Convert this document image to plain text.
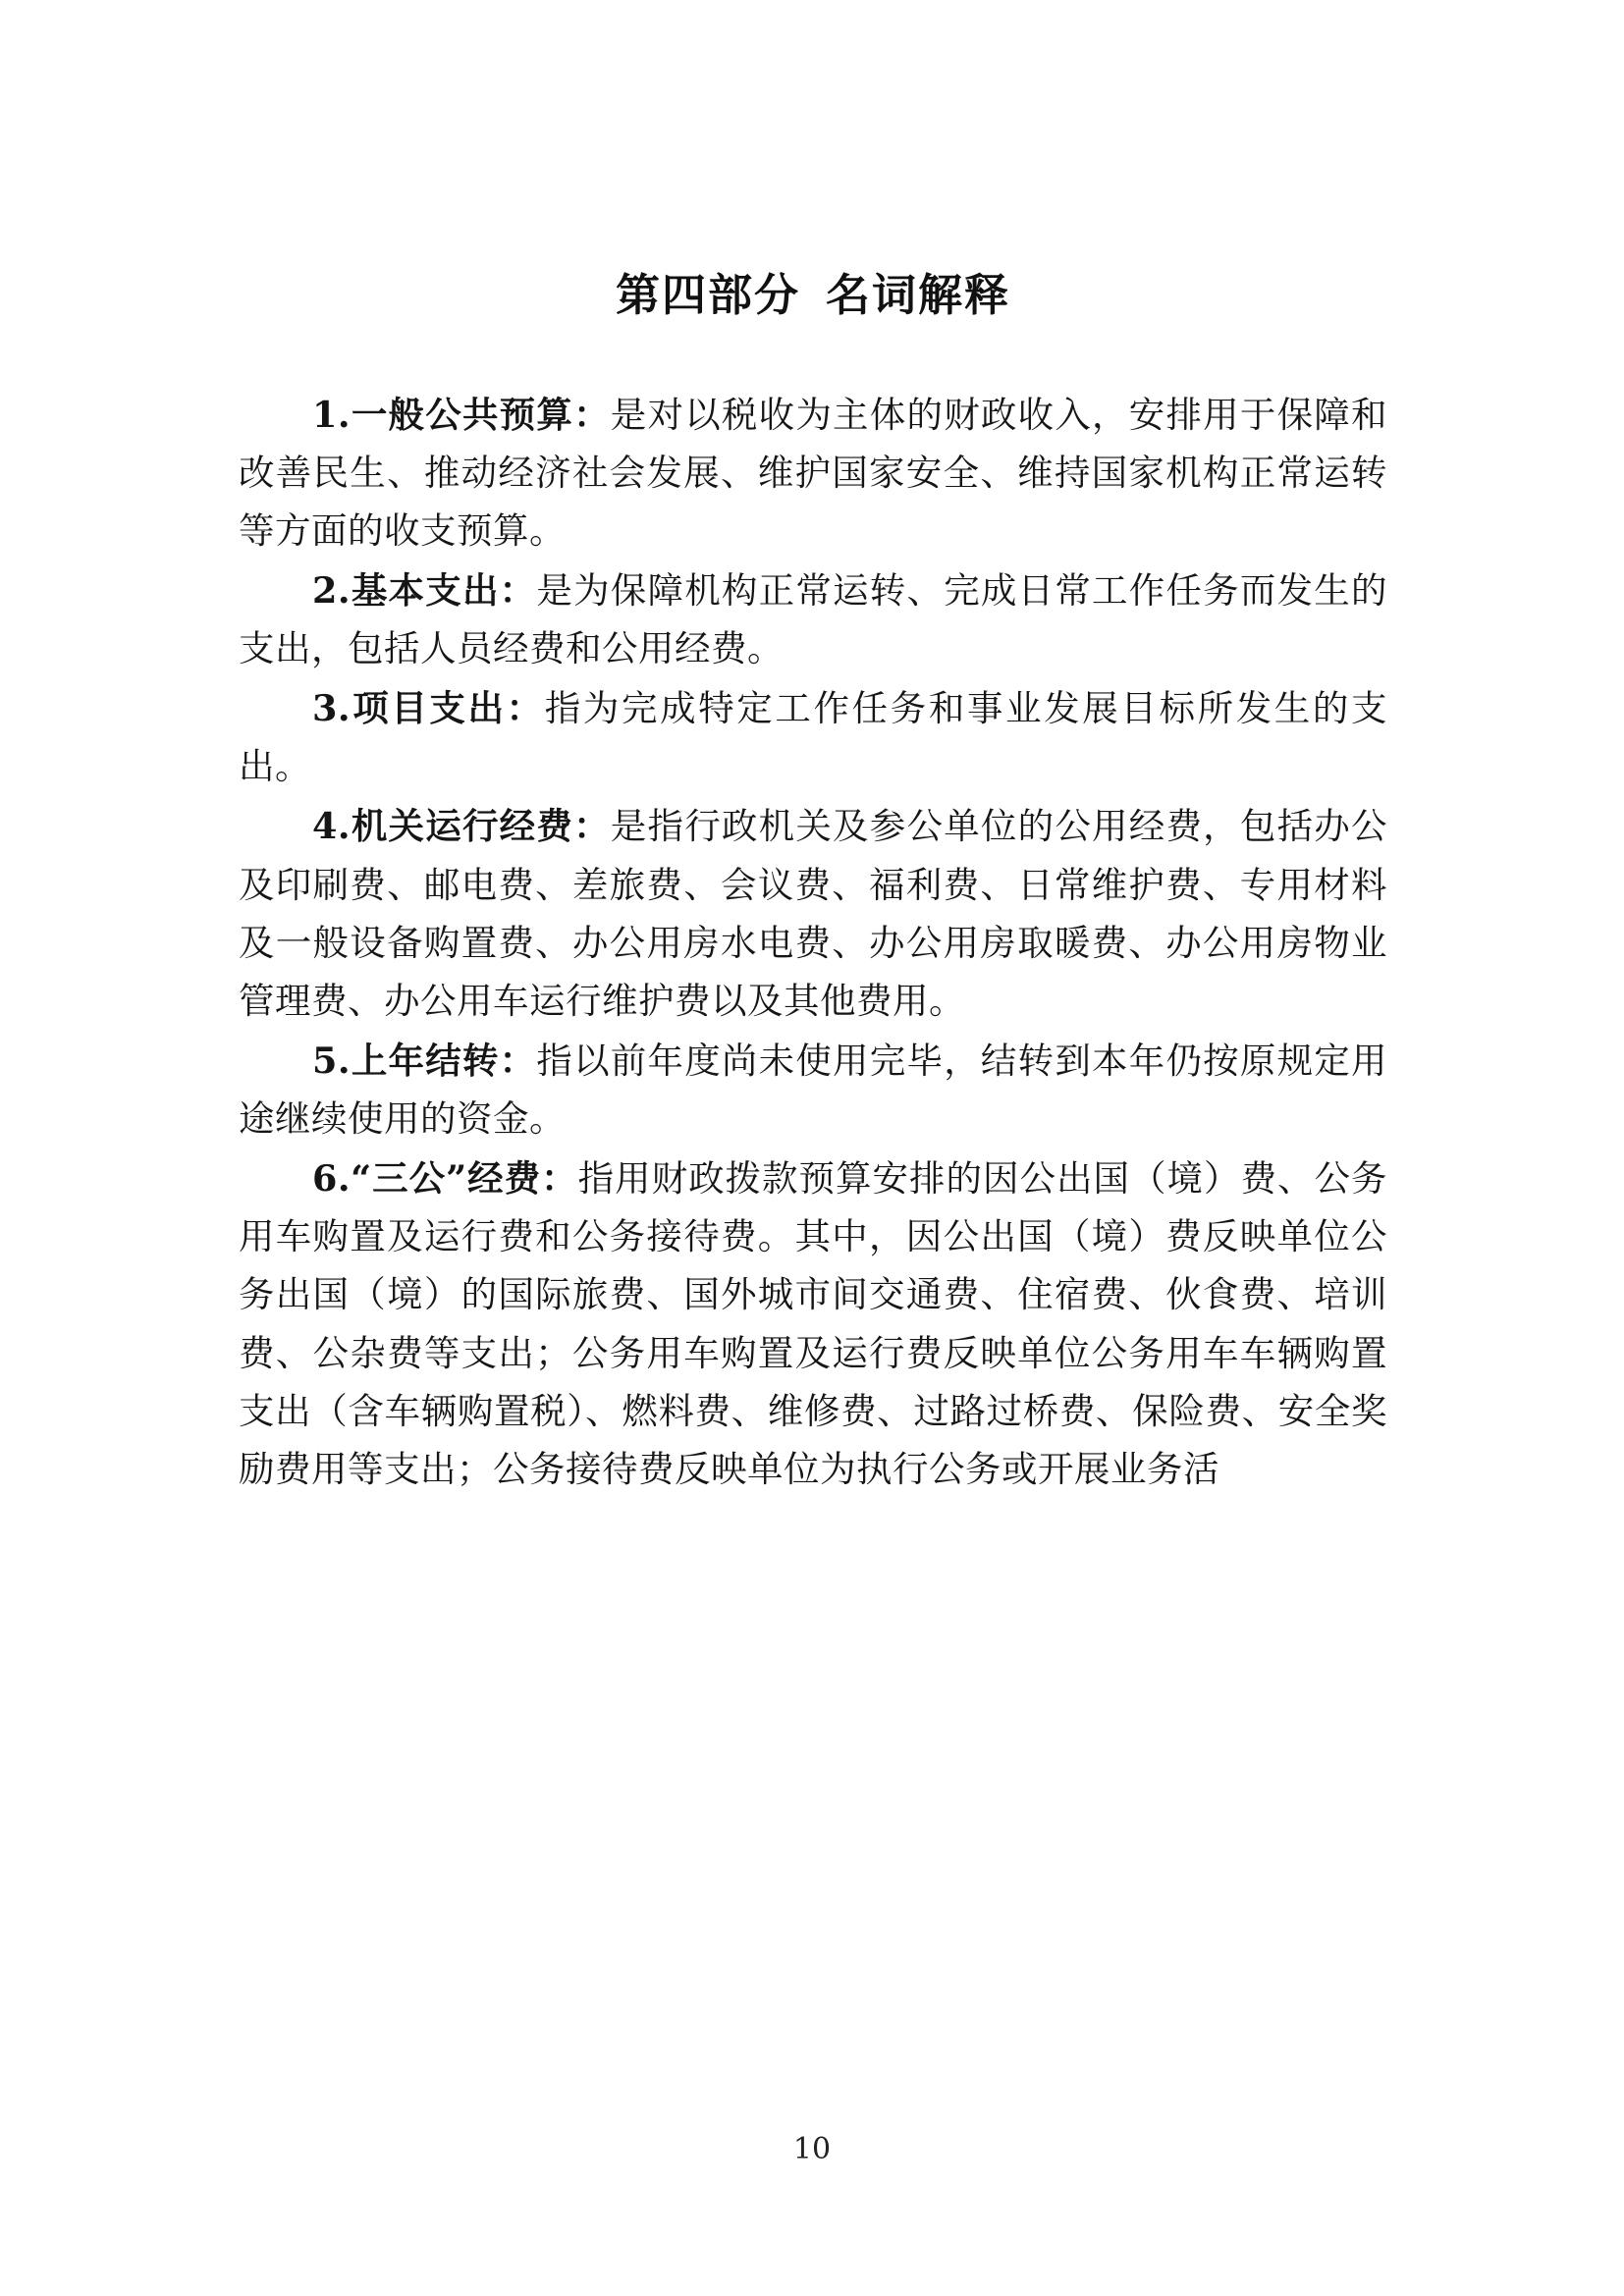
第四部分 名词解释

1.一般公共预算：是对以税收为主体的财政收入，安排用于保障和改善民生、推动经济社会发展、维护国家安全、维持国家机构正常运转等方面的收支预算。

2.基本支出：是为保障机构正常运转、完成日常工作任务而发生的支出，包括人员经费和公用经费。

3.项目支出：指为完成特定工作任务和事业发展目标所发生的支出。

4.机关运行经费：是指行政机关及参公单位的公用经费，包括办公及印刷费、邮电费、差旅费、会议费、福利费、日常维护费、专用材料及一般设备购置费、办公用房水电费、办公用房取暖费、办公用房物业管理费、办公用车运行维护费以及其他费用。

5.上年结转：指以前年度尚未使用完毕，结转到本年仍按原规定用途继续使用的资金。

6.“三公”经费：指用财政拨款预算安排的因公出国（境）费、公务用车购置及运行费和公务接待费。其中，因公出国（境）费反映单位公务出国（境）的国际旅费、国外城市间交通费、住宿费、伙食费、培训费、公杂费等支出；公务用车购置及运行费反映单位公务用车车辆购置支出（含车辆购置税）、燃料费、维修费、过路过桥费、保险费、安全奖励费用等支出；公务接待费反映单位为执行公务或开展业务活

10
